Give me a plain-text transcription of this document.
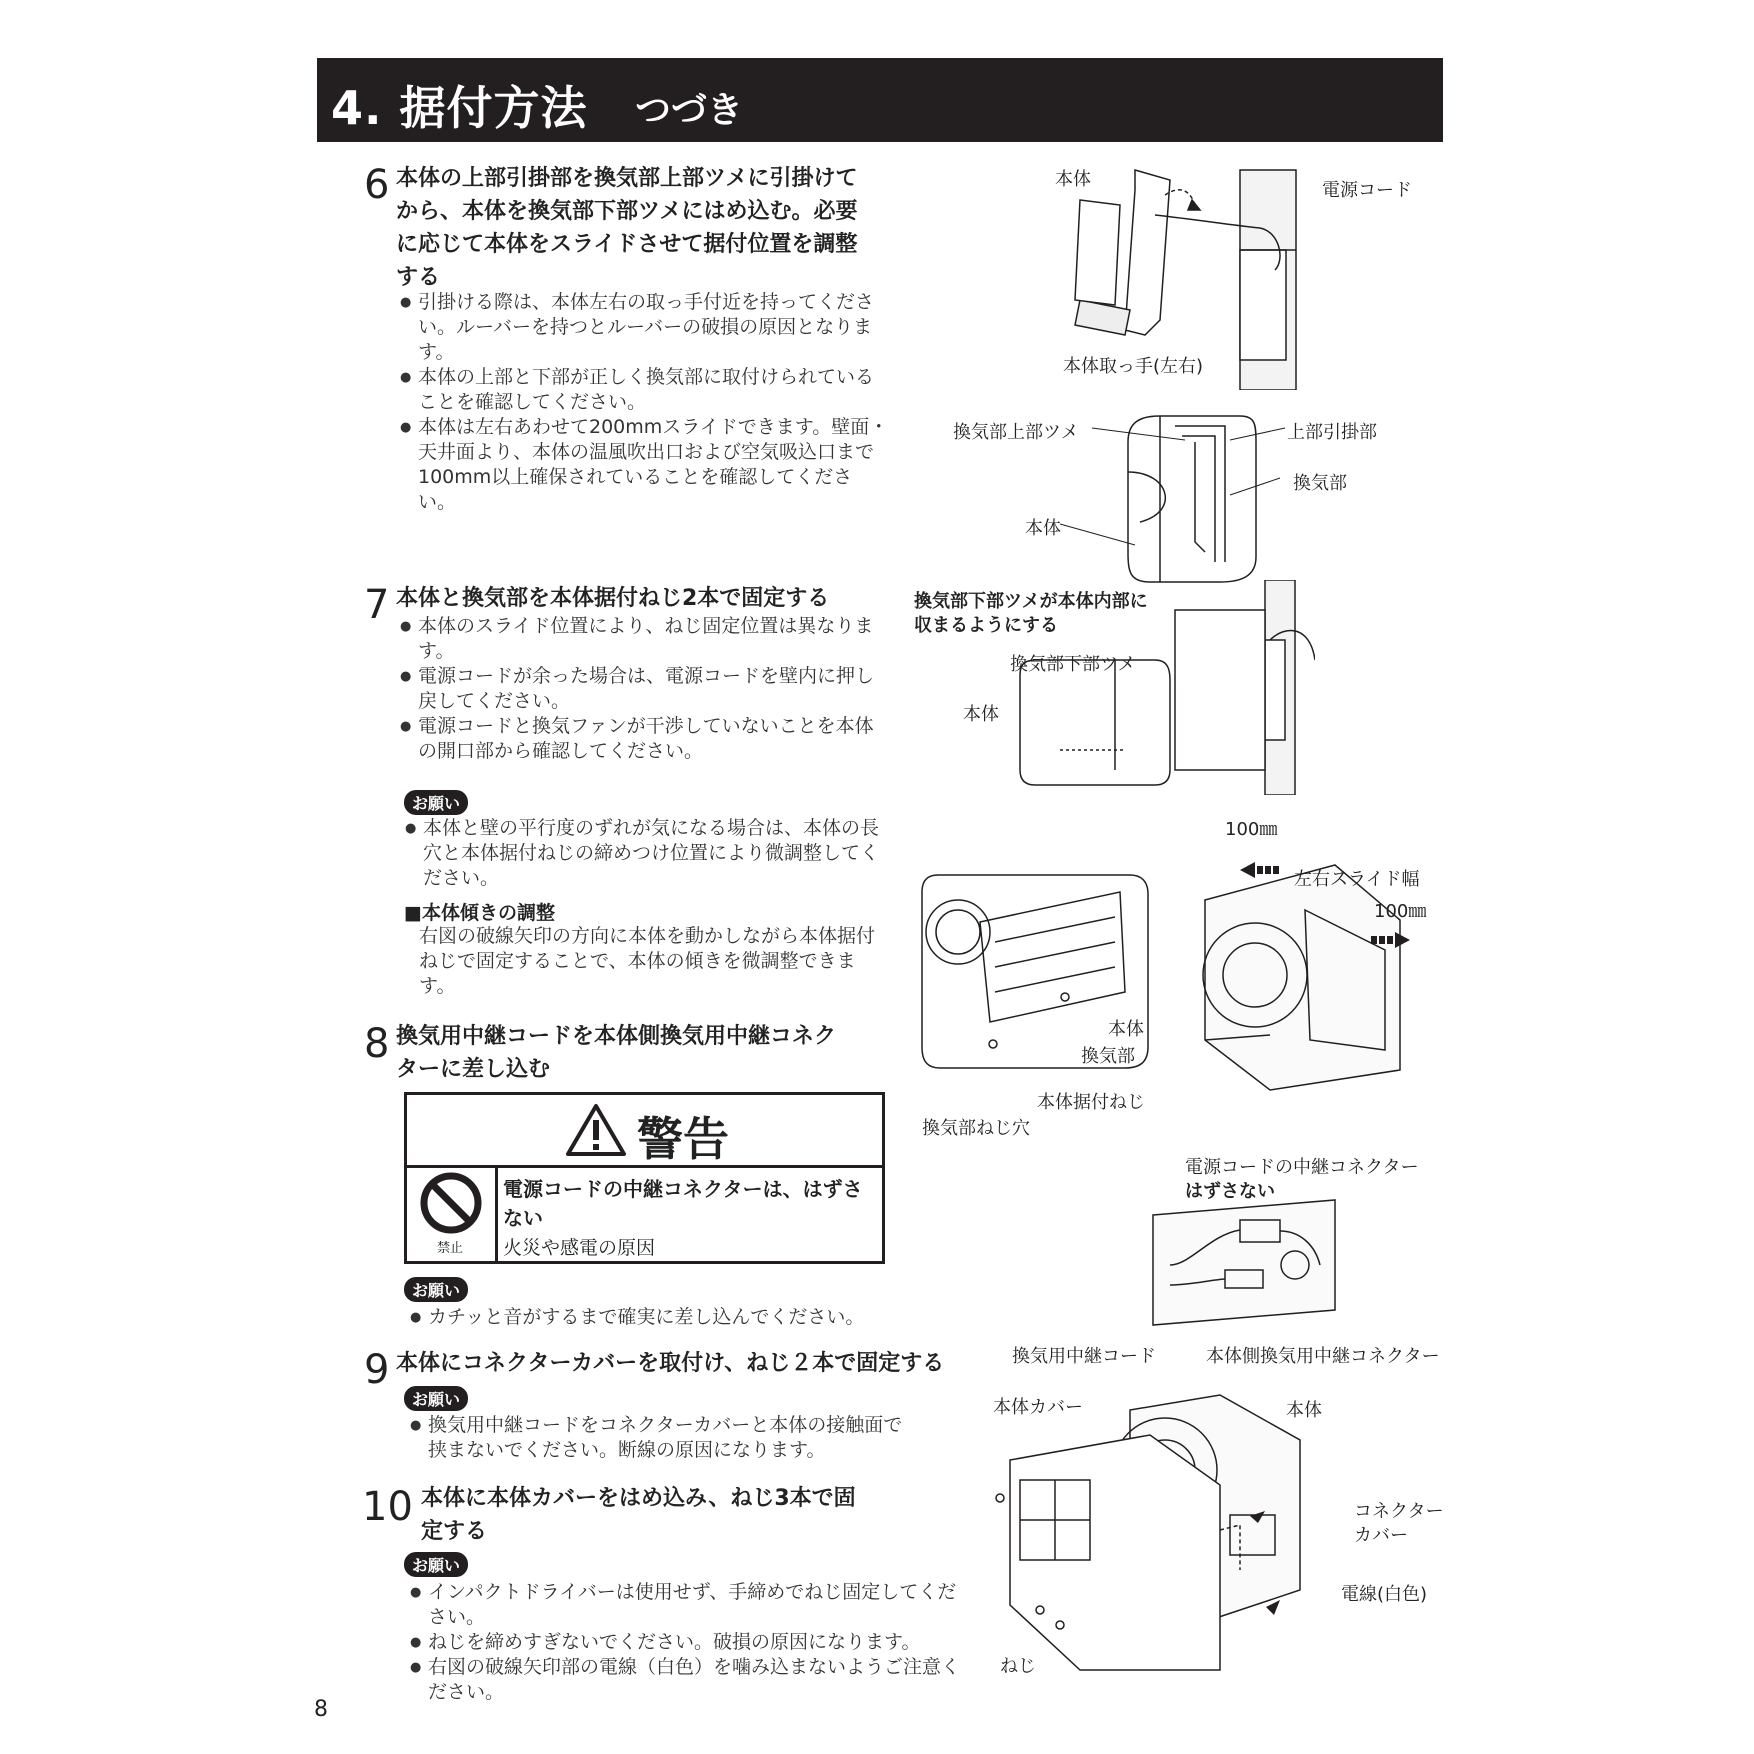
4. 据付方法 つづき
6 本体の上部引掛部を換気部上部ツメに引掛けて
から、本体を換気部下部ツメにはめ込む。必要
に応じて本体をスライドさせて据付位置を調整
する
● 引掛ける際は、本体左右の取っ手付近を持ってください。ルーバーを持つとルーバーの破損の原因となります。
● 本体の上部と下部が正しく換気部に取付けられていることを確認してください。
● 本体は左右あわせて200mmスライドできます。壁面・天井面より、本体の温風吹出口および空気吸込口まで100mm以上確保されていることを確認してください。
7 本体と換気部を本体据付ねじ2本で固定する
● 本体のスライド位置により、ねじ固定位置は異なります。
● 電源コードが余った場合は、電源コードを壁内に押し戻してください。
● 電源コードと換気ファンが干渉していないことを本体の開口部から確認してください。
お願い
● 本体と壁の平行度のずれが気になる場合は、本体の長穴と本体据付ねじの締めつけ位置により微調整してください。
■本体傾きの調整
右図の破線矢印の方向に本体を動かしながら本体据付ねじで固定することで、本体の傾きを微調整できます。
8 換気用中継コードを本体側換気用中継コネク
ターに差し込む
警告
禁止
電源コードの中継コネクターは、はずさない
火災や感電の原因
お願い
● カチッと音がするまで確実に差し込んでください。
9 本体にコネクターカバーを取付け、ねじ２本で固定する
お願い
● 換気用中継コードをコネクターカバーと本体の接触面で挟まないでください。断線の原因になります。
10 本体に本体カバーをはめ込み、ねじ3本で固
定する
お願い
● インパクトドライバーは使用せず、手締めでねじ固定してください。
● ねじを締めすぎないでください。破損の原因になります。
● 右図の破線矢印部の電線（白色）を噛み込まないようご注意ください。
8
本体
電源コード
本体取っ手(左右)
換気部上部ツメ	上部引掛部
換気部
本体
換気部下部ツメが本体内部に
収まるようにする
換気部下部ツメ
本体
100㎜
左右スライド幅
100㎜
本体
換気部
本体据付ねじ
換気部ねじ穴
電源コードの中継コネクター
はずさない
換気用中継コード	本体側換気用中継コネクター
本体カバー	本体
コネクター
カバー
電線(白色)
ねじ
